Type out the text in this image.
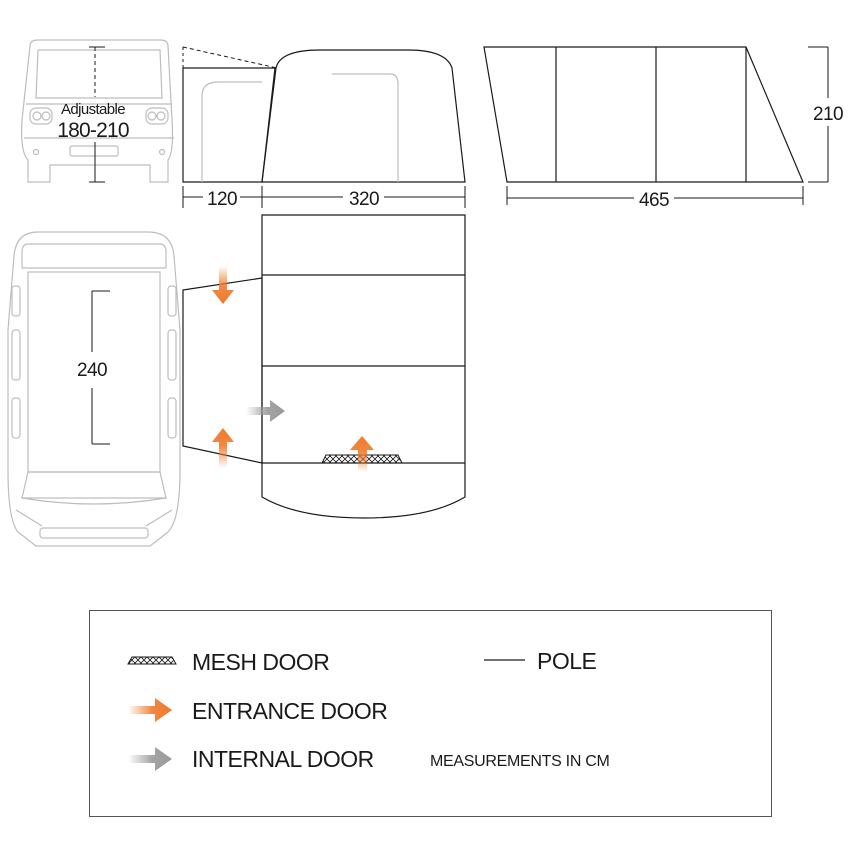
Adjustable
180-210
120	320	465
210
240
MESH DOOR	POLE
ENTRANCE DOOR
INTERNAL DOOR	MEASUREMENTS IN CM
